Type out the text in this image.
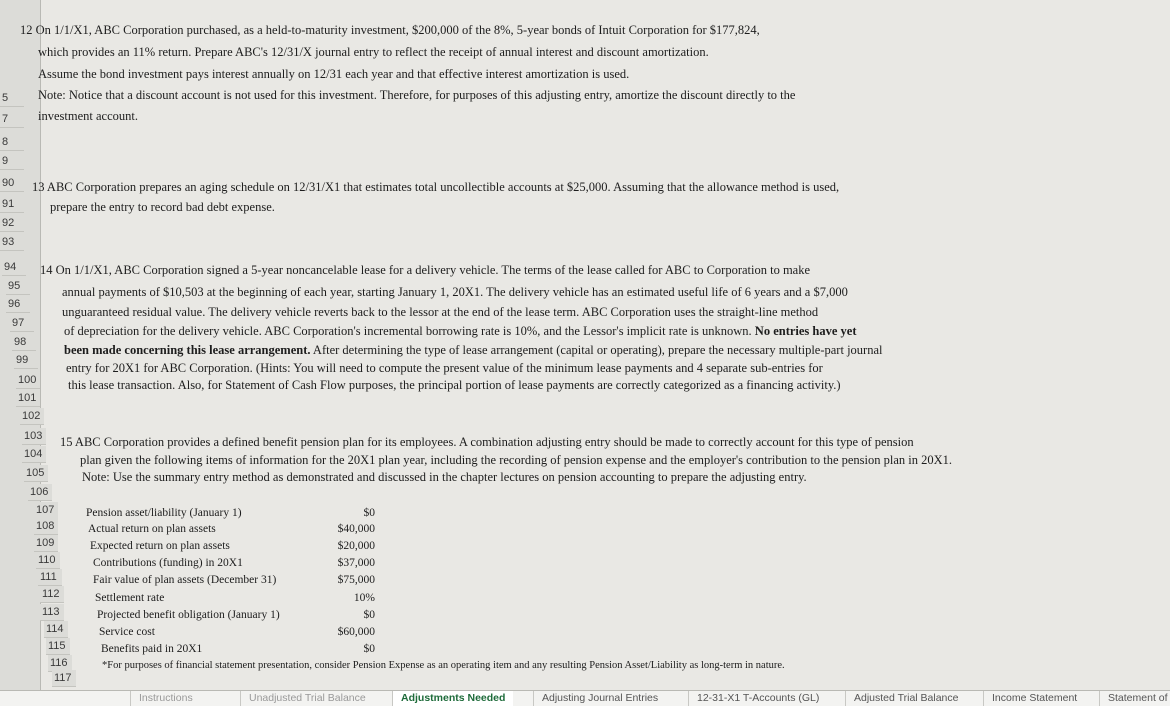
5
7
8
9
90
91
92
93
94
95
96
97
98
99
100
101
102
103
104
105
106
107
108
109
110
111
112
113
114
115
116
117
12 On 1/1/X1, ABC Corporation purchased, as a held-to-maturity investment, $200,000 of the 8%, 5-year bonds of Intuit Corporation for $177,824,
which provides an 11% return. Prepare ABC's 12/31/X journal entry to reflect the receipt of annual interest and discount amortization.
Assume the bond investment pays interest annually on 12/31 each year and that effective interest amortization is used.
Note: Notice that a discount account is not used for this investment. Therefore, for purposes of this adjusting entry, amortize the discount directly to the
investment account.
13 ABC Corporation prepares an aging schedule on 12/31/X1 that estimates total uncollectible accounts at $25,000. Assuming that the allowance method is used,
prepare the entry to record bad debt expense.
14 On 1/1/X1, ABC Corporation signed a 5-year noncancelable lease for a delivery vehicle. The terms of the lease called for ABC to Corporation to make
annual payments of $10,503 at the beginning of each year, starting January 1, 20X1. The delivery vehicle has an estimated useful life of 6 years and a $7,000
unguaranteed residual value. The delivery vehicle reverts back to the lessor at the end of the lease term. ABC Corporation uses the straight-line method
of depreciation for the delivery vehicle. ABC Corporation's incremental borrowing rate is 10%, and the Lessor's implicit rate is unknown. No entries have yet
been made concerning this lease arrangement. After determining the type of lease arrangement (capital or operating), prepare the necessary multiple-part journal
entry for 20X1 for ABC Corporation. (Hints: You will need to compute the present value of the minimum lease payments and 4 separate sub-entries for
this lease transaction. Also, for Statement of Cash Flow purposes, the principal portion of lease payments are correctly categorized as a financing activity.)
15 ABC Corporation provides a defined benefit pension plan for its employees. A combination adjusting entry should be made to correctly account for this type of pension
plan given the following items of information for the 20X1 plan year, including the recording of pension expense and the employer's contribution to the pension plan in 20X1.
Note: Use the summary entry method as demonstrated and discussed in the chapter lectures on pension accounting to prepare the adjusting entry.
Pension asset/liability (January 1)	$0
Actual return on plan assets	$40,000
Expected return on plan assets	$20,000
Contributions (funding) in 20X1	$37,000
Fair value of plan assets (December 31)	$75,000
Settlement rate	10%
Projected benefit obligation (January 1)	$0
Service cost	$60,000
Benefits paid in 20X1	$0
*For purposes of financial statement presentation, consider Pension Expense as an operating item and any resulting Pension Asset/Liability as long-term in nature.
Instructions	Unadjusted Trial Balance	Adjustments Needed	Adjusting Journal Entries	12-31-X1 T-Accounts (GL)	Adjusted Trial Balance	Income Statement	Statement of
